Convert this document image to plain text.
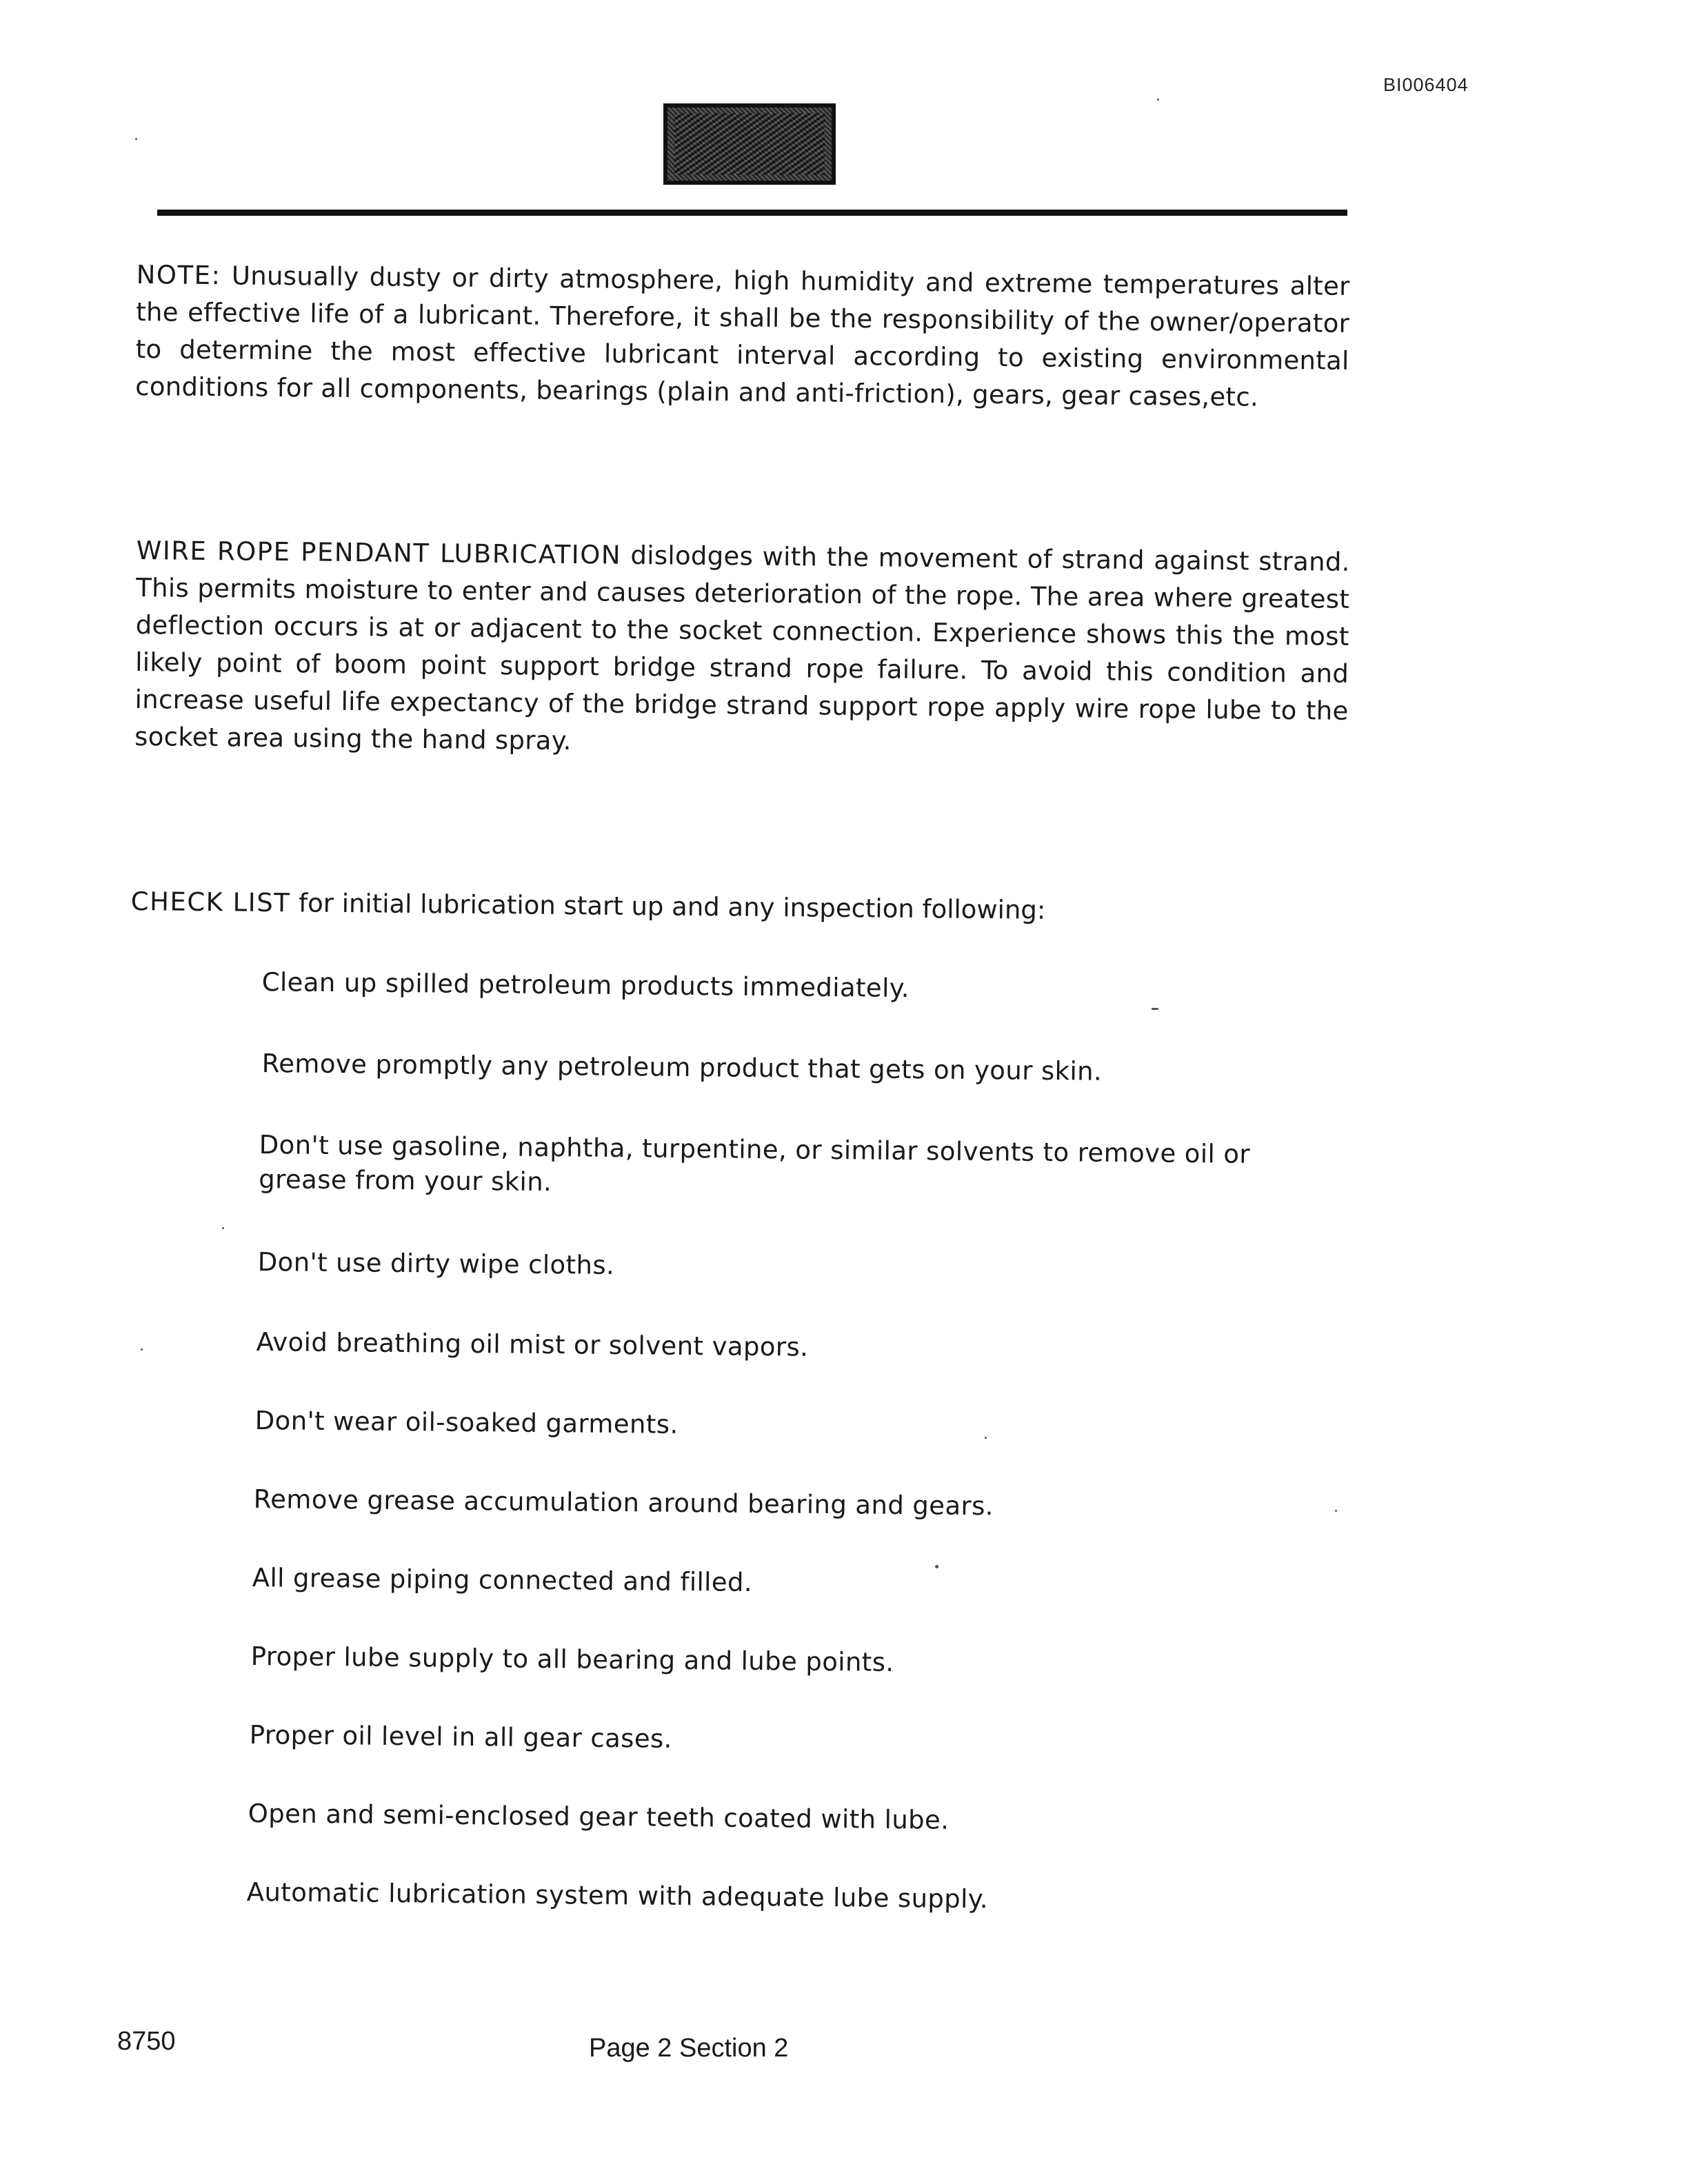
BI006404

NOTE: Unusually dusty or dirty atmosphere, high humidity and extreme temperatures alter the effective life of a lubricant. Therefore, it shall be the responsibility of the owner/operator to determine the most effective lubricant interval according to existing environmental conditions for all components, bearings (plain and anti-friction), gears, gear cases,etc.

WIRE ROPE PENDANT LUBRICATION dislodges with the movement of strand against strand. This permits moisture to enter and causes deterioration of the rope. The area where greatest deflection occurs is at or adjacent to the socket connection. Experience shows this the most likely point of boom point support bridge strand rope failure. To avoid this condition and increase useful life expectancy of the bridge strand support rope apply wire rope lube to the socket area using the hand spray.

CHECK LIST for initial lubrication start up and any inspection following:

Clean up spilled petroleum products immediately.
Remove promptly any petroleum product that gets on your skin.
Don't use gasoline, naphtha, turpentine, or similar solvents to remove oil or grease from your skin.
Don't use dirty wipe cloths.
Avoid breathing oil mist or solvent vapors.
Don't wear oil-soaked garments.
Remove grease accumulation around bearing and gears.
All grease piping connected and filled.
Proper lube supply to all bearing and lube points.
Proper oil level in all gear cases.
Open and semi-enclosed gear teeth coated with lube.
Automatic lubrication system with adequate lube supply.
8750	Page 2 Section 2
